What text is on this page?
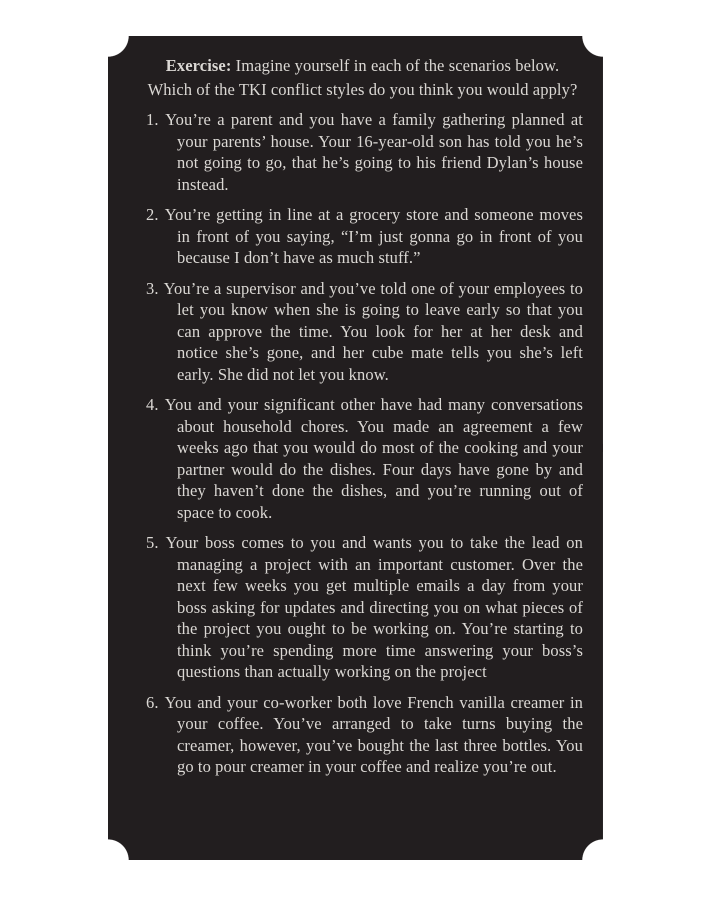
Exercise: Imagine yourself in each of the scenarios below.
Which of the TKI conflict styles do you think you would apply?

1. You’re a parent and you have a family gathering planned at your parents’ house. Your 16-year-old son has told you he’s not going to go, that he’s going to his friend Dylan’s house instead.

2. You’re getting in line at a grocery store and someone moves in front of you saying, “I’m just gonna go in front of you because I don’t have as much stuff.”

3. You’re a supervisor and you’ve told one of your employees to let you know when she is going to leave early so that you can approve the time. You look for her at her desk and notice she’s gone, and her cube mate tells you she’s left early. She did not let you know.

4. You and your significant other have had many conversations about household chores. You made an agreement a few weeks ago that you would do most of the cooking and your partner would do the dishes. Four days have gone by and they haven’t done the dishes, and you’re running out of space to cook.

5. Your boss comes to you and wants you to take the lead on managing a project with an important customer. Over the next few weeks you get multiple emails a day from your boss asking for updates and directing you on what pieces of the project you ought to be working on. You’re starting to think you’re spending more time answering your boss’s questions than actually working on the project

6. You and your co-worker both love French vanilla creamer in your coffee. You’ve arranged to take turns buying the creamer, however, you’ve bought the last three bottles. You go to pour creamer in your coffee and realize you’re out.
